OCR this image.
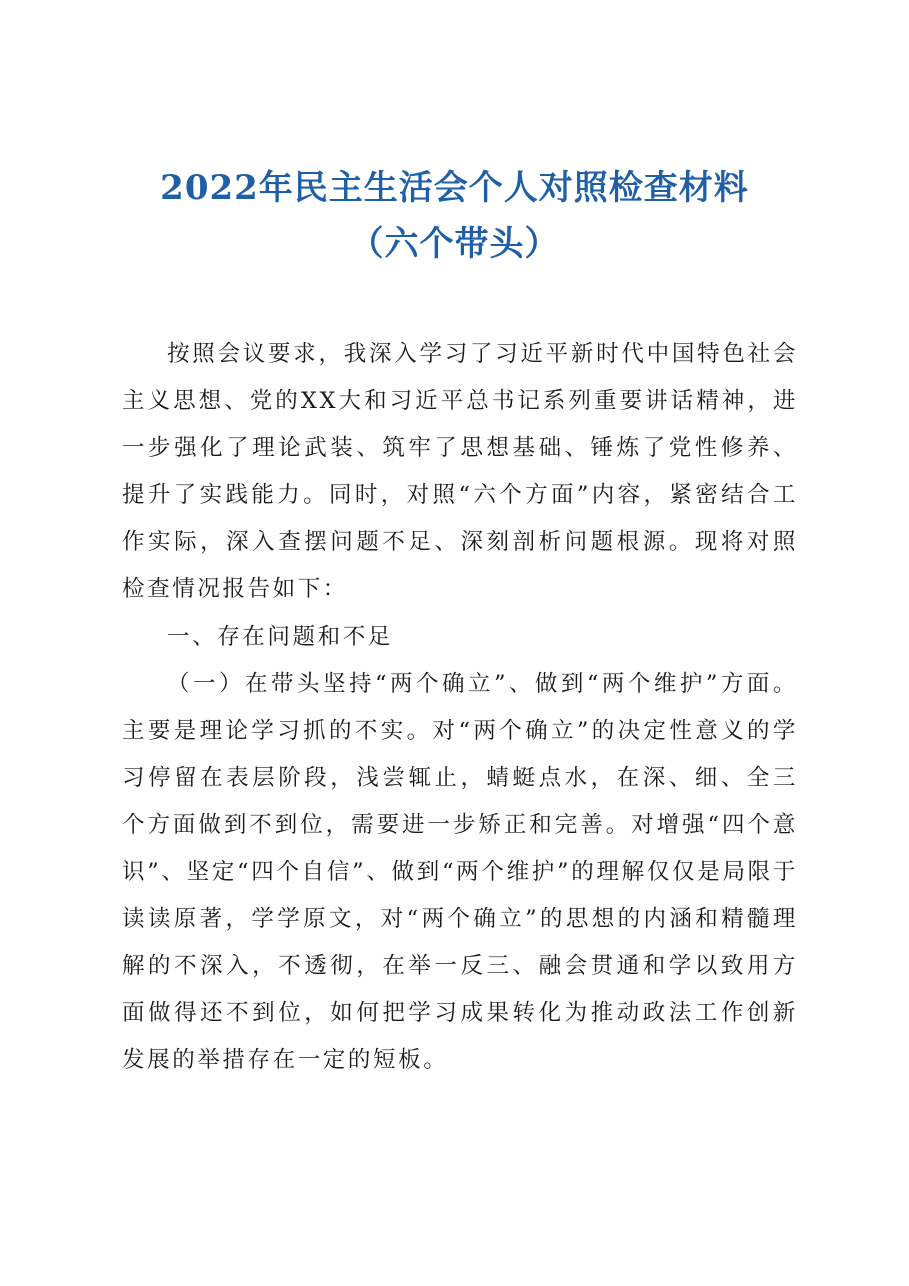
2022年民主生活会个人对照检查材料
（六个带头）

按照会议要求，我深入学习了习近平新时代中国特色社会主义思想、党的XX大和习近平总书记系列重要讲话精神，进一步强化了理论武装、筑牢了思想基础、锤炼了党性修养、提升了实践能力。同时，对照“六个方面”内容，紧密结合工作实际，深入查摆问题不足、深刻剖析问题根源。现将对照检查情况报告如下：

一、存在问题和不足

（一）在带头坚持“两个确立”、做到“两个维护”方面。主要是理论学习抓的不实。对“两个确立”的决定性意义的学习停留在表层阶段，浅尝辄止，蜻蜓点水，在深、细、全三个方面做到不到位，需要进一步矫正和完善。对增强“四个意识”、坚定“四个自信”、做到“两个维护”的理解仅仅是局限于读读原著，学学原文，对“两个确立”的思想的内涵和精髓理解的不深入，不透彻，在举一反三、融会贯通和学以致用方面做得还不到位，如何把学习成果转化为推动政法工作创新发展的举措存在一定的短板。
